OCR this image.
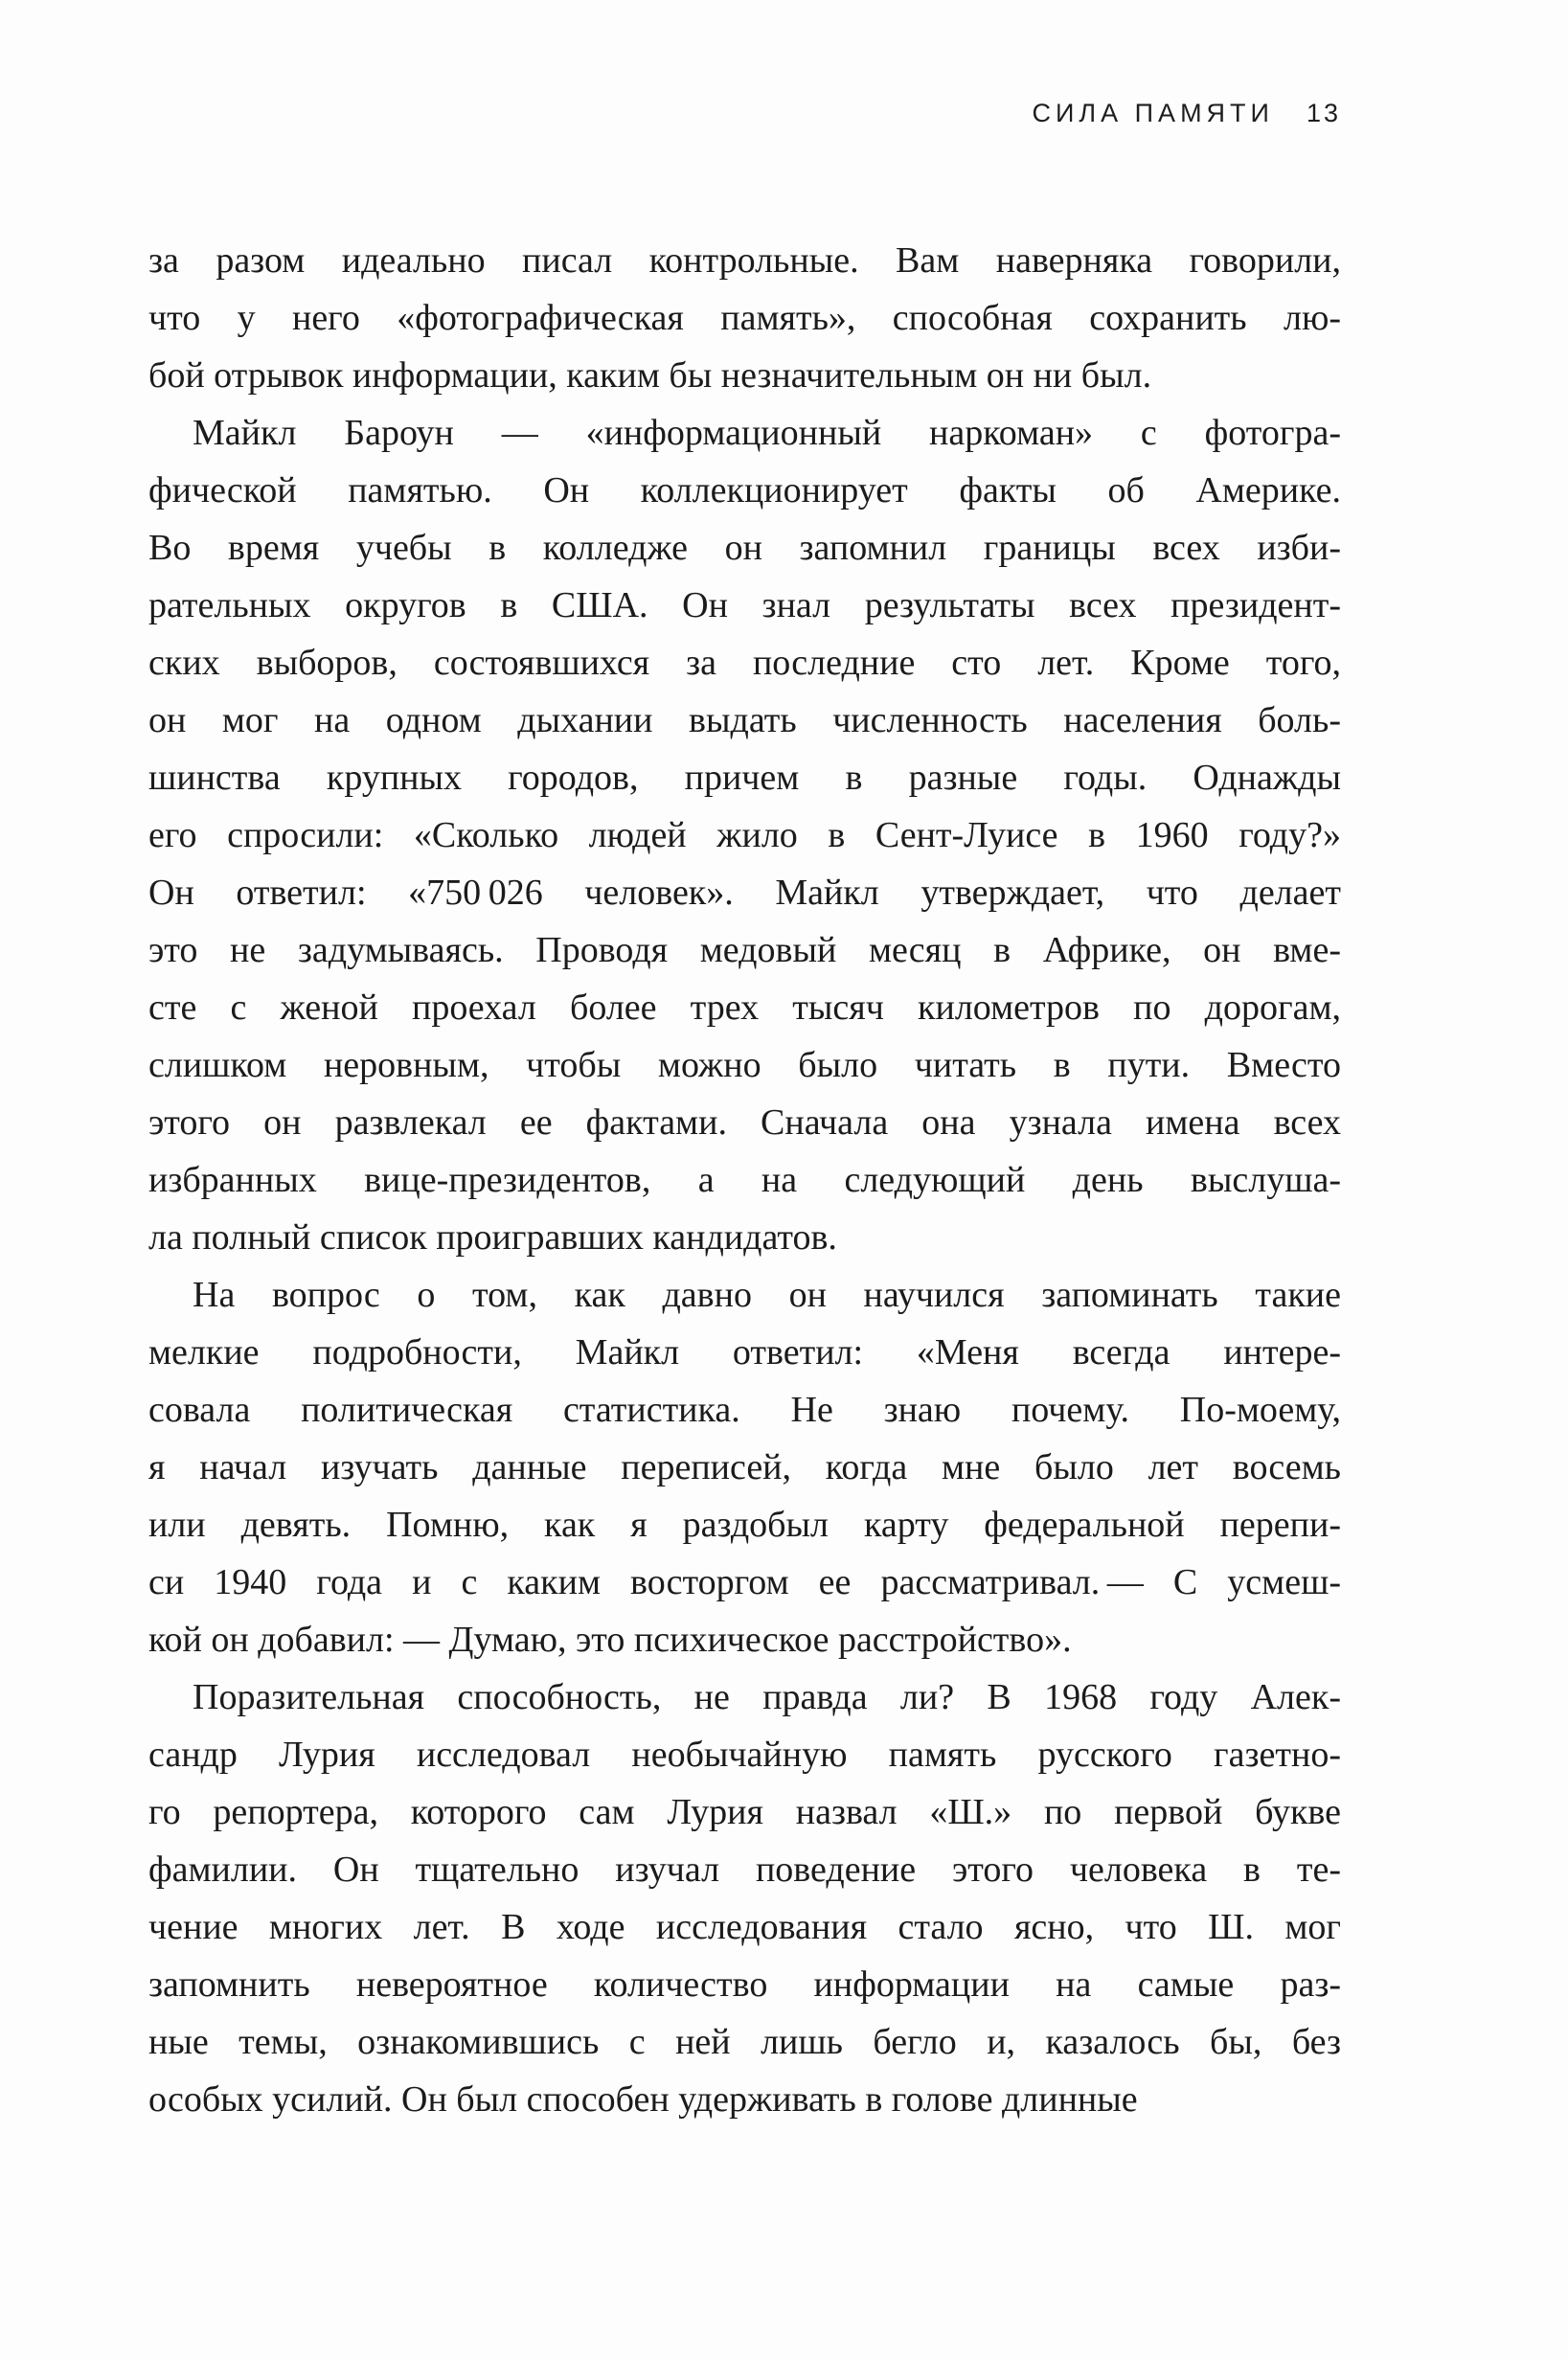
СИЛА ПАМЯТИ 13
за разом идеально писал контрольные. Вам наверняка говорили,
что у него «фотографическая память», способная сохранить лю-
бой отрывок информации, каким бы незначительным он ни был.
Майкл Бароун — «информационный наркоман» с фотогра-
фической памятью. Он коллекционирует факты об Америке.
Во время учебы в колледже он запомнил границы всех изби-
рательных округов в США. Он знал результаты всех президент-
ских выборов, состоявшихся за последние сто лет. Кроме того,
он мог на одном дыхании выдать численность населения боль-
шинства крупных городов, причем в разные годы. Однажды
его спросили: «Сколько людей жило в Сент-Луисе в 1960 году?»
Он ответил: «750 026 человек». Майкл утверждает, что делает
это не задумываясь. Проводя медовый месяц в Африке, он вме-
сте с женой проехал более трех тысяч километров по дорогам,
слишком неровным, чтобы можно было читать в пути. Вместо
этого он развлекал ее фактами. Сначала она узнала имена всех
избранных вице-президентов, а на следующий день выслуша-
ла полный список проигравших кандидатов.
На вопрос о том, как давно он научился запоминать такие
мелкие подробности, Майкл ответил: «Меня всегда интере-
совала политическая статистика. Не знаю почему. По-моему,
я начал изучать данные переписей, когда мне было лет восемь
или девять. Помню, как я раздобыл карту федеральной перепи-
си 1940 года и с каким восторгом ее рассматривал. — С усмеш-
кой он добавил: — Думаю, это психическое расстройство».
Поразительная способность, не правда ли? В 1968 году Алек-
сандр Лурия исследовал необычайную память русского газетно-
го репортера, которого сам Лурия назвал «Ш.» по первой букве
фамилии. Он тщательно изучал поведение этого человека в те-
чение многих лет. В ходе исследования стало ясно, что Ш. мог
запомнить невероятное количество информации на самые раз-
ные темы, ознакомившись с ней лишь бегло и, казалось бы, без
особых усилий. Он был способен удерживать в голове длинные
